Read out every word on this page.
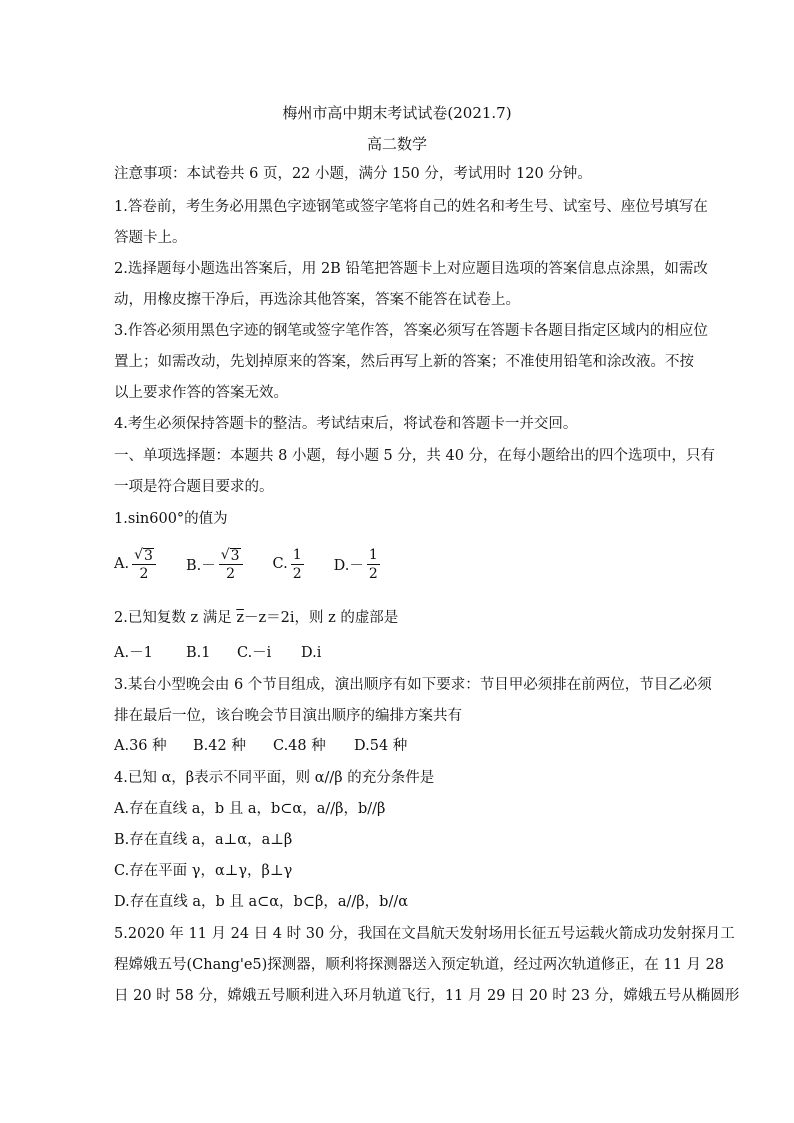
梅州市高中期末考试试卷(2021.7)
高二数学
注意事项：本试卷共 6 页，22 小题，满分 150 分，考试用时 120 分钟。
1.答卷前，考生务必用黑色字迹钢笔或签字笔将自己的姓名和考生号、试室号、座位号填写在
答题卡上。
2.选择题每小题选出答案后，用 2B 铅笔把答题卡上对应题目选项的答案信息点涂黑，如需改
动，用橡皮擦干净后，再选涂其他答案，答案不能答在试卷上。
3.作答必须用黑色字迹的钢笔或签字笔作答，答案必须写在答题卡各题目指定区域内的相应位
置上；如需改动，先划掉原来的答案，然后再写上新的答案；不准使用铅笔和涂改液。不按
以上要求作答的答案无效。
4.考生必须保持答题卡的整洁。考试结束后，将试卷和答题卡一并交回。
一、单项选择题：本题共 8 小题，每小题 5 分，共 40 分，在每小题给出的四个选项中，只有
一项是符合题目要求的。
1.sin600°的值为
A. $\frac{√ 3}{2} B.- \frac{√ 3}{2} C$. $\frac{1}{2} D.- \frac{1}{2}$
2.已知复数 z 满足 $\overline{z}-z=2i$，则 z 的虚部是
A.－1	B.1	C.－i	D.i
3.某台小型晚会由 6 个节目组成，演出顺序有如下要求：节目甲必须排在前两位，节目乙必须
排在最后一位，该台晚会节目演出顺序的编排方案共有
A.36 种	B.42 种	C.48 种	D.54 种
4.已知 α，β表示不同平面，则 α//β 的充分条件是
A.存在直线 a，b 且 a，b⊂α，a//β，b//β
B.存在直线 a，a⊥α，a⊥β
C.存在平面 γ，α⊥γ，β⊥γ
D.存在直线 a，b 且 a⊂α，b⊂β，a//β，b//α
5.2020 年 11 月 24 日 4 时 30 分，我国在文昌航天发射场用长征五号运载火箭成功发射探月工
程嫦娥五号(Chang'e5)探测器，顺利将探测器送入预定轨道，经过两次轨道修正，在 11 月 28
日 20 时 58 分，嫦娥五号顺利进入环月轨道飞行，11 月 29 日 20 时 23 分，嫦娥五号从椭圆形
